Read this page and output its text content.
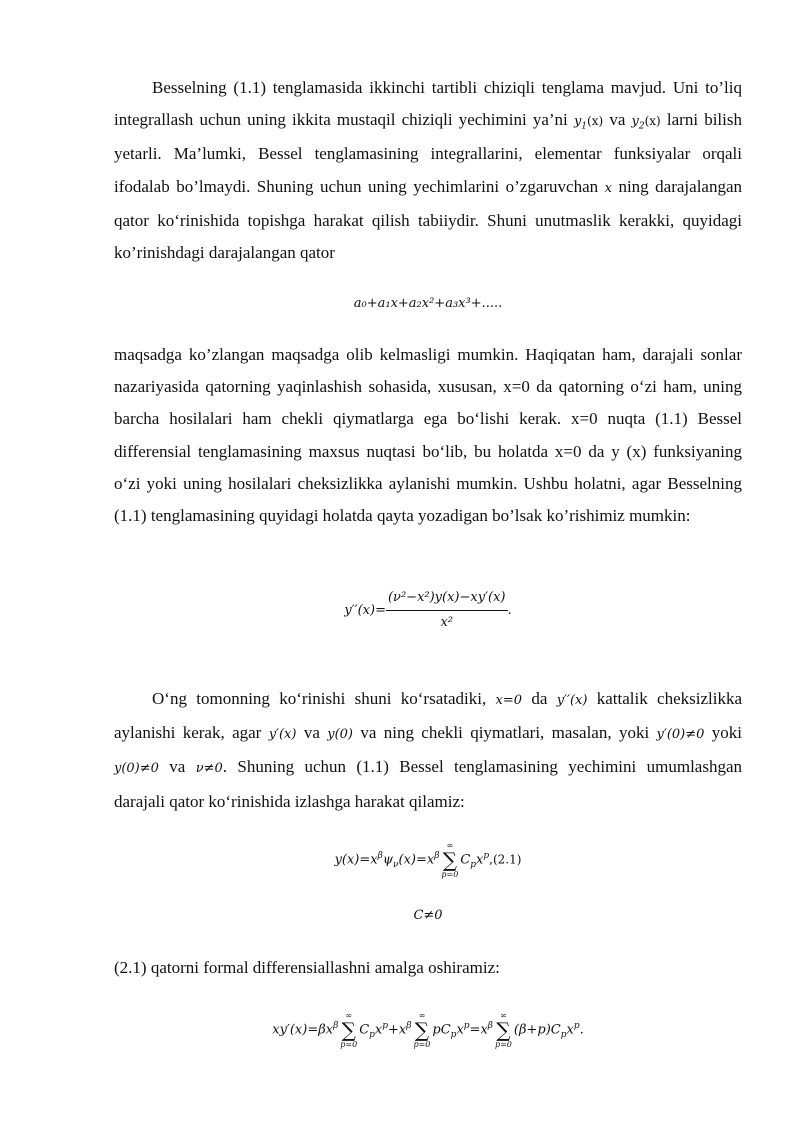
Besselning (1.1) tenglamasida ikkinchi tartibli chiziqli tenglama mavjud. Uni to’liq integrallash uchun uning ikkita mustaqil chiziqli yechimini ya’ni $y_1(x)$ va $y_2(x)$ larni bilish yetarli. Ma’lumki, Bessel tenglamasining integrallarini, elementar funksiyalar orqali ifodalab bo’lmaydi. Shuning uchun uning yechimlarini o’zgaruvchan x ning darajalangan qator ko‘rinishida topishga harakat qilish tabiiydir. Shuni unutmaslik kerakki, quyidagi ko’rinishdagi darajalangan qator

a₀+a₁x+a₂x²+a₃x³+.....

maqsadga ko’zlangan maqsadga olib kelmasligi mumkin. Haqiqatan ham, darajali sonlar nazariyasida qatorning yaqinlashish sohasida, xususan, x=0 da qatorning o‘zi ham, uning barcha hosilalari ham chekli qiymatlarga ega bo‘lishi kerak. x=0 nuqta (1.1) Bessel differensial tenglamasining maxsus nuqtasi bo‘lib, bu holatda x=0 da y (x) funksiyaning o‘zi yoki uning hosilalari cheksizlikka aylanishi mumkin. Ushbu holatni, agar Besselning (1.1) tenglamasining quyidagi holatda qayta yozadigan bo’lsak ko’rishimiz mumkin:

$y''(x)= \frac{\text{(ν²−x²)y(x)−xy′(x)}}{\text{x²}}$ .

O‘ng tomonning ko‘rinishi shuni ko‘rsatadiki, x=0 da y′′(x) kattalik cheksizlikka aylanishi kerak, agar y′(x) va y(0) va ning chekli qiymatlari, masalan, yoki y′(0)≠0 yoki y(0)≠0 va ν≠0. Shuning uchun (1.1) Bessel tenglamasining yechimini umumlashgan darajali qator ko‘rinishida izlashga harakat qilamiz:

$y(x)=x^\beta\psi_\nu(x)=x^\beta$
∞
∑
p=0
$C_px^p,(2.1)$
C≠0

(2.1) qatorni formal differensiallashni amalga oshiramiz:

$xy'(x)=\beta x^\beta$
∞
∑
p=0
$C_px^p+x^\beta$
∞
∑
p=0
$pC_px^p=x^\beta$
∞
∑
p=0
$(\beta+p)C_px^p$.
